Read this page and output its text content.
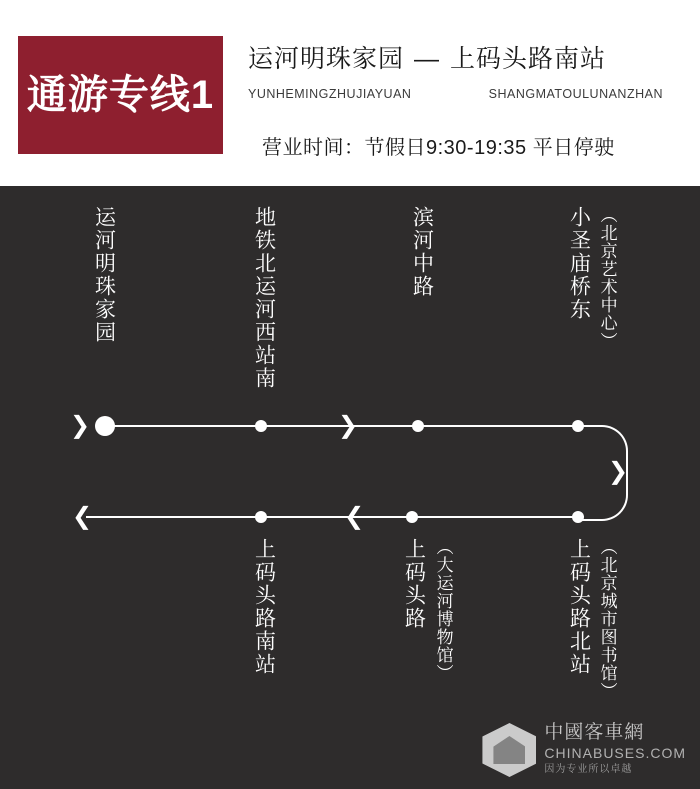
通游专线1
运河明珠家园 — 上码头路南站
YUNHEMINGZHUJIAYUAN	SHANGMATOULUNANZHAN
营业时间：节假日9:30-19:35 平日停驶
运河明珠家园	地铁北运河西站南	滨河中路	小圣庙桥东 （北京艺术中心）
❯	❯
❯
❮	❮
上码头路南站	上码头路 （大运河博物馆）	上码头路北站 （北京城市图书馆）
中國客車網
CHINABUSES.COM
因为专业所以卓越
